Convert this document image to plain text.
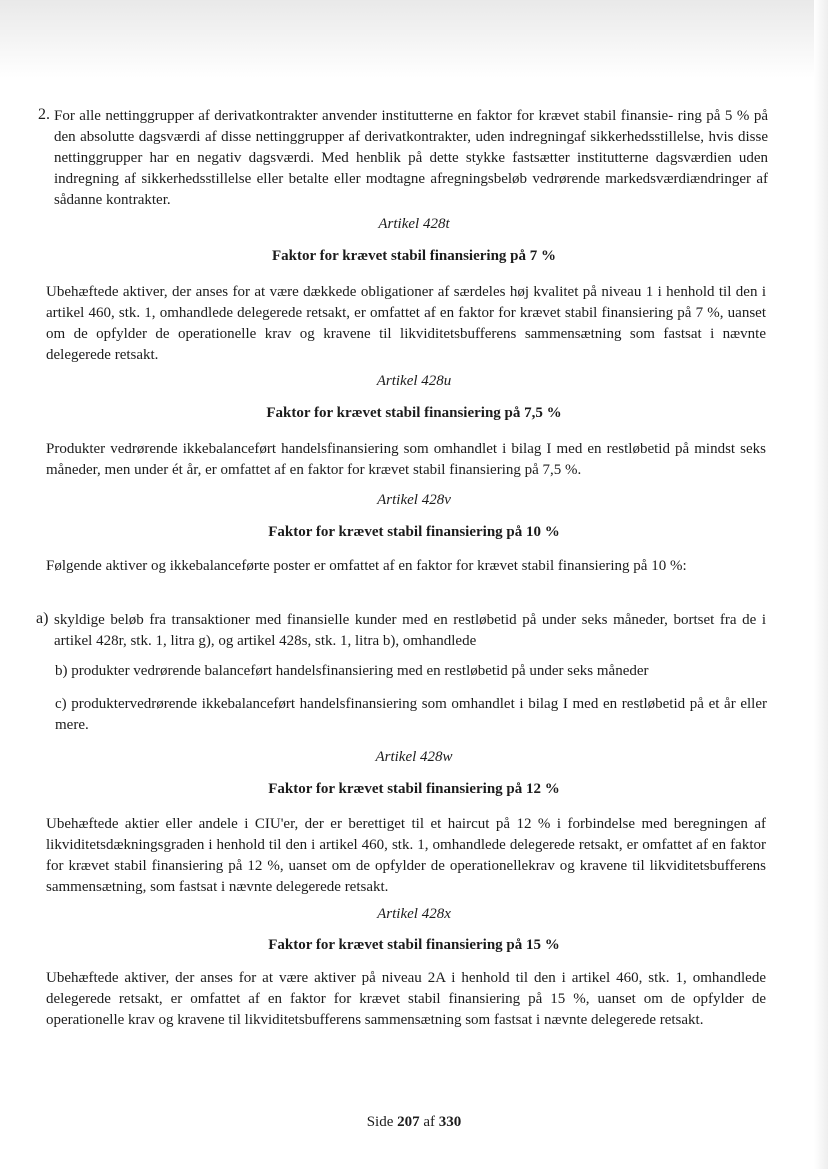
2. For alle nettinggrupper af derivatkontrakter anvender institutterne en faktor for krævet stabil finansie- ring på 5 % på den absolutte dagsværdi af disse nettinggrupper af derivatkontrakter, uden indregningaf sikkerhedsstillelse, hvis disse nettinggrupper har en negativ dagsværdi. Med henblik på dette stykke fastsætter institutterne dagsværdien uden indregning af sikkerhedsstillelse eller betalte eller modtagne afregningsbeløb vedrørende markedsværdiændringer af sådanne kontrakter.

Artikel 428t
Faktor for krævet stabil finansiering på 7 %

Ubehæftede aktiver, der anses for at være dækkede obligationer af særdeles høj kvalitet på niveau 1 i henhold til den i artikel 460, stk. 1, omhandlede delegerede retsakt, er omfattet af en faktor for krævet stabil finansiering på 7 %, uanset om de opfylder de operationelle krav og kravene til likviditetsbufferens sammensætning som fastsat i nævnte delegerede retsakt.

Artikel 428u
Faktor for krævet stabil finansiering på 7,5 %

Produkter vedrørende ikkebalanceført handelsfinansiering som omhandlet i bilag I med en restløbetid på mindst seks måneder, men under ét år, er omfattet af en faktor for krævet stabil finansiering på 7,5 %.

Artikel 428v
Faktor for krævet stabil finansiering på 10 %

Følgende aktiver og ikkebalanceførte poster er omfattet af en faktor for krævet stabil finansiering på 10 %:

a) skyldige beløb fra transaktioner med finansielle kunder med en restløbetid på under seks måneder, bortset fra de i artikel 428r, stk. 1, litra g), og artikel 428s, stk. 1, litra b), omhandlede

b) produkter vedrørende balanceført handelsfinansiering med en restløbetid på under seks måneder

c) produktervedrørende ikkebalanceført handelsfinansiering som omhandlet i bilag I med en restløbetid på et år eller mere.

Artikel 428w
Faktor for krævet stabil finansiering på 12 %

Ubehæftede aktier eller andele i CIU'er, der er berettiget til et haircut på 12 % i forbindelse med beregningen af likviditetsdækningsgraden i henhold til den i artikel 460, stk. 1, omhandlede delegerede retsakt, er omfattet af en faktor for krævet stabil finansiering på 12 %, uanset om de opfylder de operationellekrav og kravene til likviditetsbufferens sammensætning, som fastsat i nævnte delegerede retsakt.

Artikel 428x
Faktor for krævet stabil finansiering på 15 %

Ubehæftede aktiver, der anses for at være aktiver på niveau 2A i henhold til den i artikel 460, stk. 1, omhandlede delegerede retsakt, er omfattet af en faktor for krævet stabil finansiering på 15 %, uanset om de opfylder de operationelle krav og kravene til likviditetsbufferens sammensætning som fastsat i nævnte delegerede retsakt.

Side 207 af 330
